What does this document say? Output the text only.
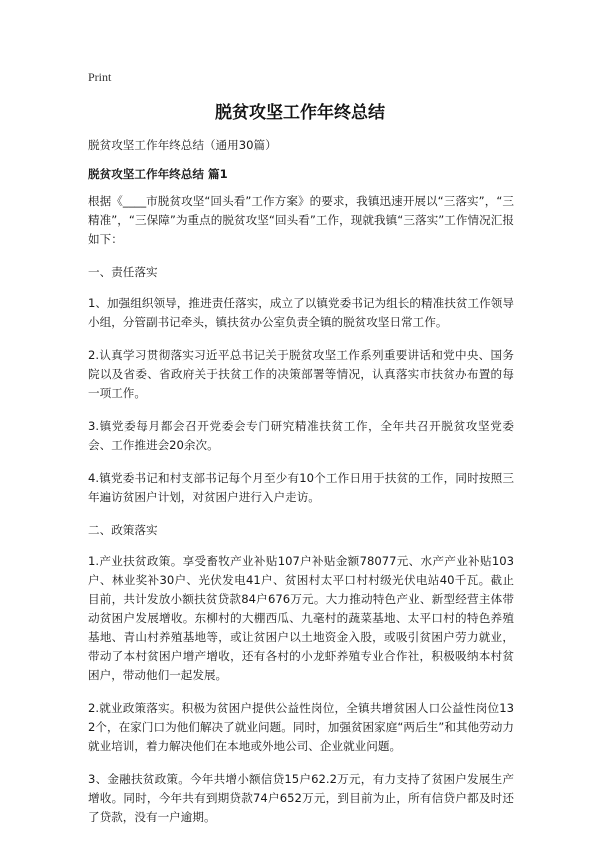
Print
脱贫攻坚工作年终总结
脱贫攻坚工作年终总结（通用30篇）
脱贫攻坚工作年终总结 篇1

根据《____市脱贫攻坚“回头看”工作方案》的要求，我镇迅速开展以“三落实”，“三精准”，“三保障”为重点的脱贫攻坚“回头看”工作，现就我镇“三落实”工作情况汇报如下：

一、责任落实

1、加强组织领导，推进责任落实，成立了以镇党委书记为组长的精准扶贫工作领导小组，分管副书记牵头，镇扶贫办公室负责全镇的脱贫攻坚日常工作。

2.认真学习贯彻落实习近平总书记关于脱贫攻坚工作系列重要讲话和党中央、国务院以及省委、省政府关于扶贫工作的决策部署等情况，认真落实市扶贫办布置的每一项工作。

3.镇党委每月都会召开党委会专门研究精准扶贫工作，全年共召开脱贫攻坚党委会、工作推进会20余次。

4.镇党委书记和村支部书记每个月至少有10个工作日用于扶贫的工作，同时按照三年遍访贫困户计划，对贫困户进行入户走访。

二、政策落实

1.产业扶贫政策。享受畜牧产业补贴107户补贴金额78077元、水产产业补贴103户、林业奖补30户、光伏发电41户、贫困村太平口村村级光伏电站40千瓦。截止目前，共计发放小额扶贫贷款84户676万元。大力推动特色产业、新型经营主体带动贫困户发展增收。东柳村的大棚西瓜、九毫村的蔬菜基地、太平口村的特色养殖基地、青山村养殖基地等，或让贫困户以土地资金入股，或吸引贫困户劳力就业，带动了本村贫困户增产增收，还有各村的小龙虾养殖专业合作社，积极吸纳本村贫困户，带动他们一起发展。

2.就业政策落实。积极为贫困户提供公益性岗位，全镇共增贫困人口公益性岗位132个，在家门口为他们解决了就业问题。同时，加强贫困家庭“两后生”和其他劳动力就业培训，着力解决他们在本地或外地公司、企业就业问题。

3、金融扶贫政策。今年共增小额信贷15户62.2万元，有力支持了贫困户发展生产增收。同时，今年共有到期贷款74户652万元，到目前为止，所有信贷户都及时还了贷款，没有一户逾期。
